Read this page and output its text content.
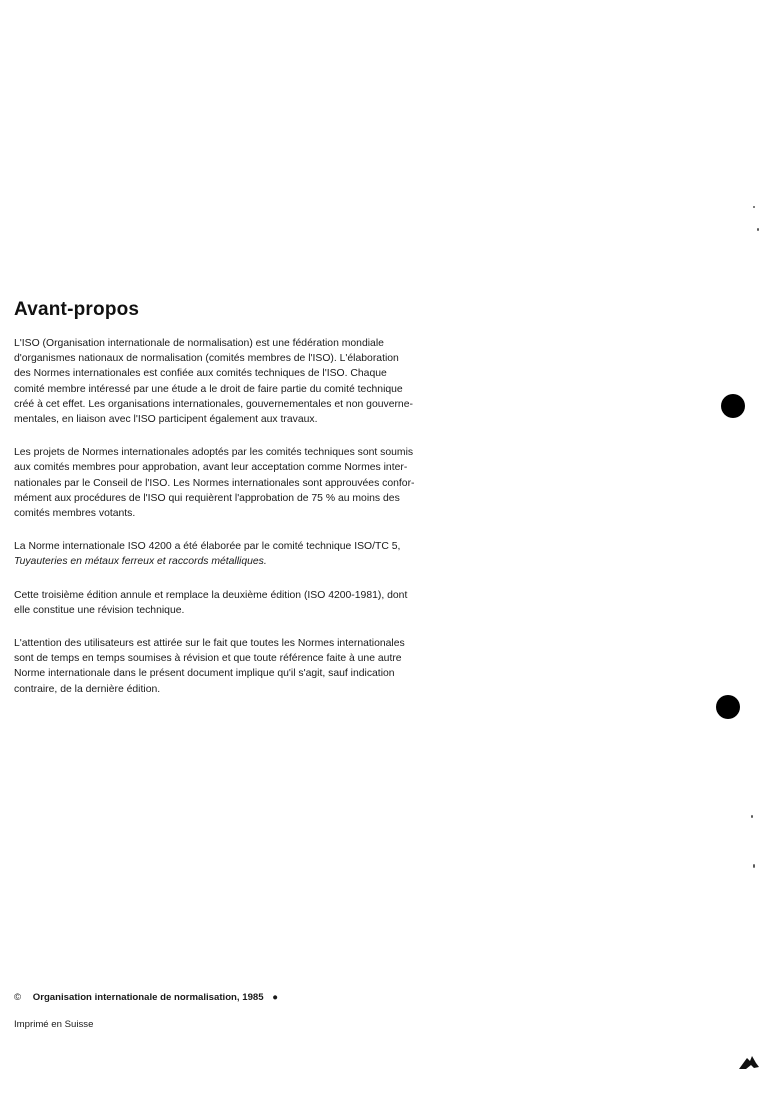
Avant-propos

L'ISO (Organisation internationale de normalisation) est une fédération mondiale
d'organismes nationaux de normalisation (comités membres de l'ISO). L'élaboration
des Normes internationales est confiée aux comités techniques de l'ISO. Chaque
comité membre intéressé par une étude a le droit de faire partie du comité technique
créé à cet effet. Les organisations internationales, gouvernementales et non gouverne-
mentales, en liaison avec l'ISO participent également aux travaux.

Les projets de Normes internationales adoptés par les comités techniques sont soumis
aux comités membres pour approbation, avant leur acceptation comme Normes inter-
nationales par le Conseil de l'ISO. Les Normes internationales sont approuvées confor-
mément aux procédures de l'ISO qui requièrent l'approbation de 75 % au moins des
comités membres votants.

La Norme internationale ISO 4200 a été élaborée par le comité technique ISO/TC 5,
Tuyauteries en métaux ferreux et raccords métalliques.

Cette troisième édition annule et remplace la deuxième édition (ISO 4200-1981), dont
elle constitue une révision technique.

L'attention des utilisateurs est attirée sur le fait que toutes les Normes internationales
sont de temps en temps soumises à révision et que toute référence faite à une autre
Norme internationale dans le présent document implique qu'il s'agit, sauf indication
contraire, de la dernière édition.

© Organisation internationale de normalisation, 1985 ●
Imprimé en Suisse
